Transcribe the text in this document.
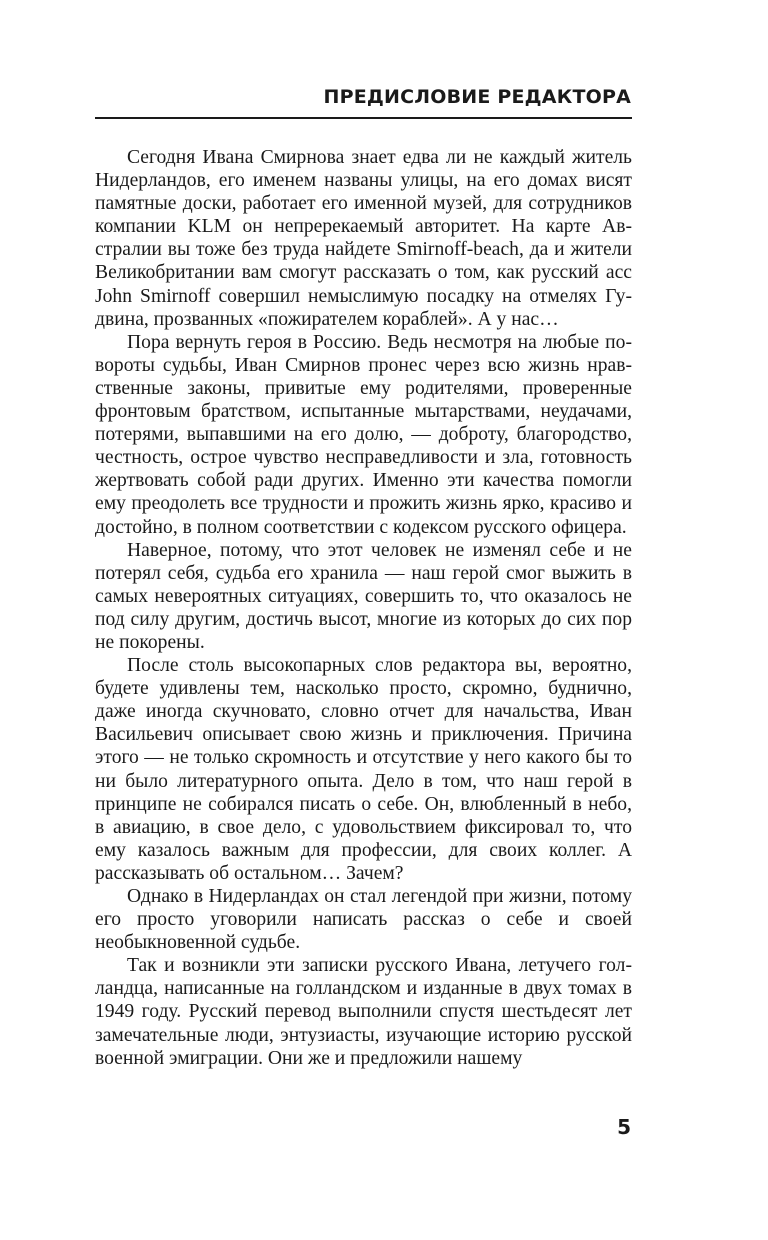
ПРЕДИСЛОВИЕ РЕДАКТОРА

Сегодня Ивана Смирнова знает едва ли не каждый житель Нидерландов, его именем названы улицы, на его домах висят памятные доски, работает его именной музей, для сотрудников компании KLM он непререкаемый авторитет. На карте Австралии вы тоже без труда найдете Smirnoff-beach, да и жители Великобритании вам смогут рассказать о том, как русский асс John Smirnoff совершил немыслимую посадку на отмелях Гудвина, прозванных «пожирателем кораблей». А у нас…

Пора вернуть героя в Россию. Ведь несмотря на любые повороты судьбы, Иван Смирнов пронес через всю жизнь нравственные законы, привитые ему родителями, проверенные фронтовым братством, испытанные мытарствами, неудачами, потерями, выпавшими на его долю, — доброту, благородство, честность, острое чувство несправедливости и зла, готовность жертвовать собой ради других. Именно эти качества помогли ему преодолеть все трудности и прожить жизнь ярко, красиво и достойно, в полном соответствии с кодексом русского офицера.

Наверное, потому, что этот человек не изменял себе и не потерял себя, судьба его хранила — наш герой смог выжить в самых невероятных ситуациях, совершить то, что оказалось не под силу другим, достичь высот, многие из которых до сих пор не покорены.

После столь высокопарных слов редактора вы, вероятно, будете удивлены тем, насколько просто, скромно, буднично, даже иногда скучновато, словно отчет для начальства, Иван Васильевич описывает свою жизнь и приключения. Причина этого — не только скромность и отсутствие у него какого бы то ни было литературного опыта. Дело в том, что наш герой в принципе не собирался писать о себе. Он, влюбленный в небо, в авиацию, в свое дело, с удовольствием фиксировал то, что ему казалось важным для профессии, для своих коллег. А рассказывать об остальном… Зачем?

Однако в Нидерландах он стал легендой при жизни, потому его просто уговорили написать рассказ о себе и своей необыкновенной судьбе.

Так и возникли эти записки русского Ивана, летучего голландца, написанные на голландском и изданные в двух томах в 1949 году. Русский перевод выполнили спустя шестьдесят лет замечательные люди, энтузиасты, изучающие историю русской военной эмиграции. Они же и предложили нашему

5
